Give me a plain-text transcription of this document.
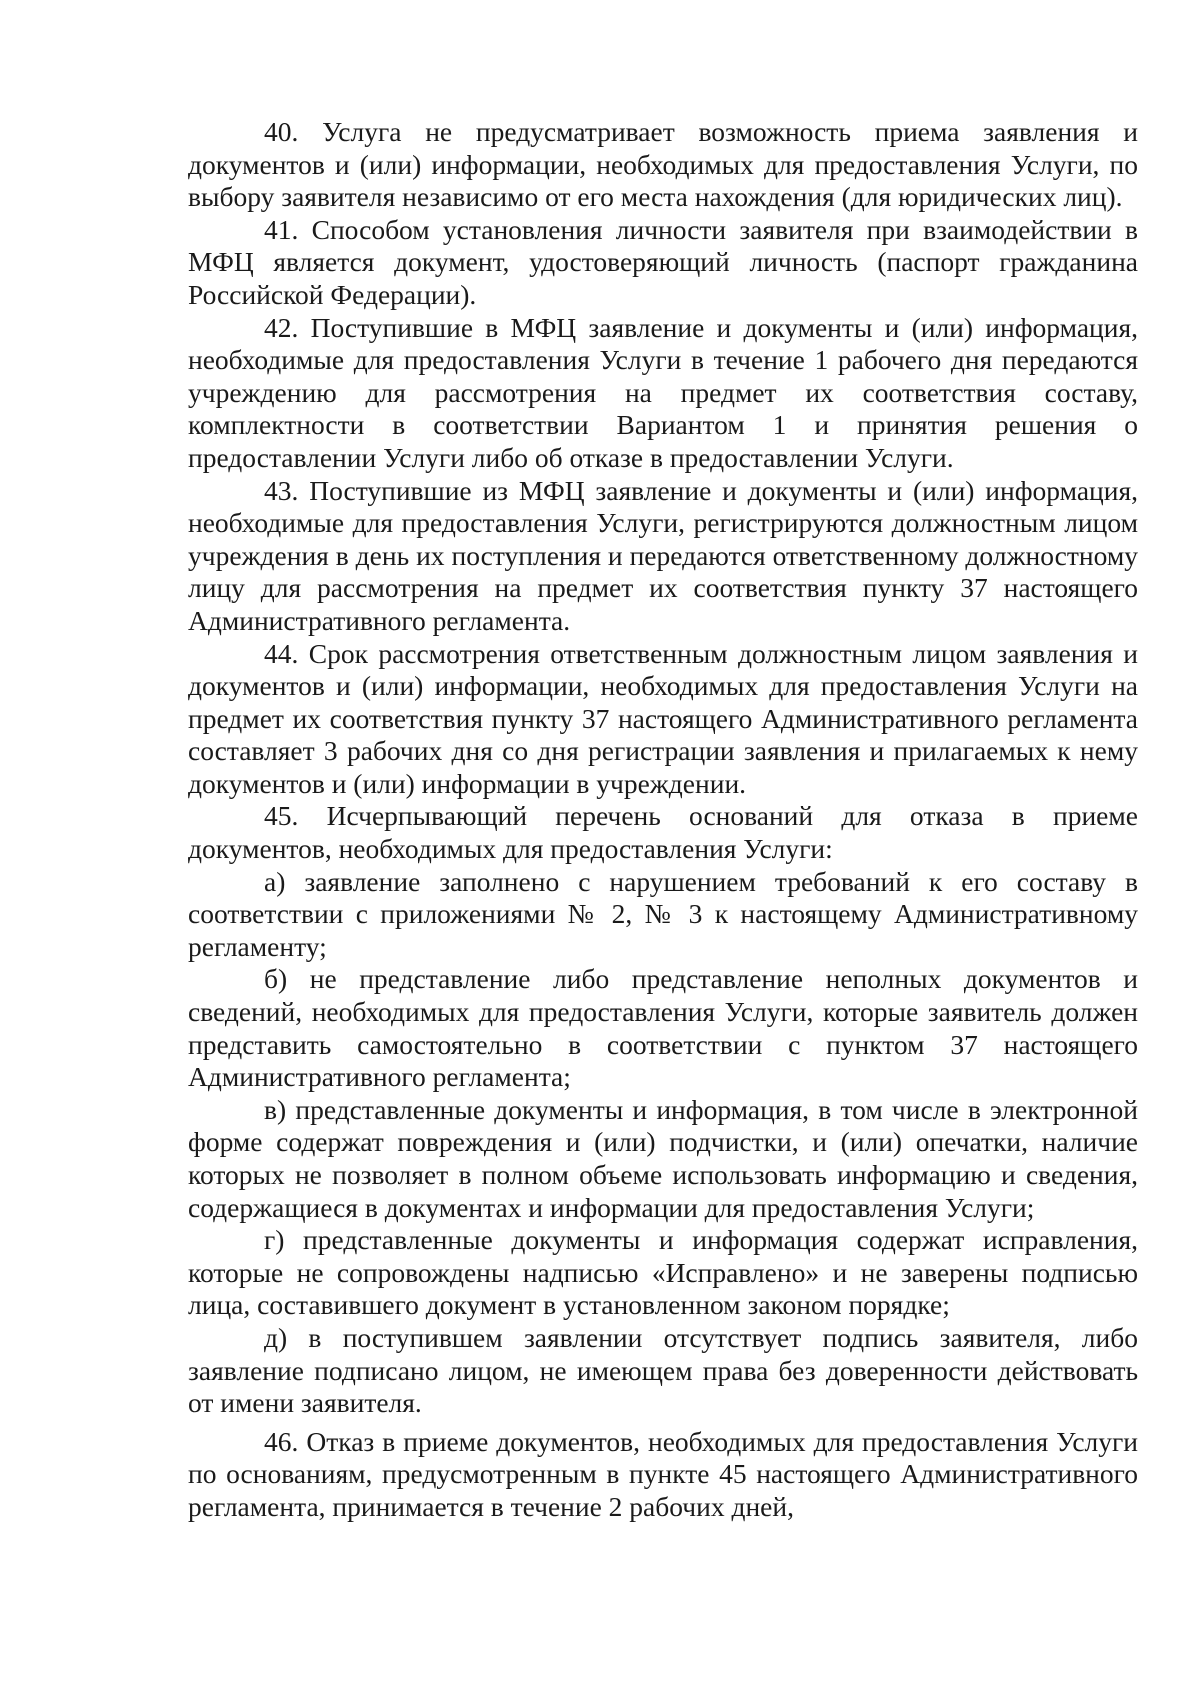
40. Услуга не предусматривает возможность приема заявления и документов и (или) информации, необходимых для предоставления Услуги, по выбору заявителя независимо от его места нахождения (для юридических лиц).

41. Способом установления личности заявителя при взаимодействии в МФЦ является документ, удостоверяющий личность (паспорт гражданина Российской Федерации).

42. Поступившие в МФЦ заявление и документы и (или) информация, необходимые для предоставления Услуги в течение 1 рабочего дня передаются учреждению для рассмотрения на предмет их соответствия составу, комплектности в соответствии Вариантом 1 и принятия решения о предоставлении Услуги либо об отказе в предоставлении Услуги.

43. Поступившие из МФЦ заявление и документы и (или) информация, необходимые для предоставления Услуги, регистрируются должностным лицом учреждения в день их поступления и передаются ответственному должностному лицу для рассмотрения на предмет их соответствия пункту 37 настоящего Административного регламента.

44. Срок рассмотрения ответственным должностным лицом заявления и документов и (или) информации, необходимых для предоставления Услуги на предмет их соответствия пункту 37 настоящего Административного регламента составляет 3 рабочих дня со дня регистрации заявления и прилагаемых к нему документов и (или) информации в учреждении.

45. Исчерпывающий перечень оснований для отказа в приеме документов, необходимых для предоставления Услуги:

а) заявление заполнено с нарушением требований к его составу в соответствии с приложениями № 2, № 3 к настоящему Административному регламенту;

б) не представление либо представление неполных документов и сведений, необходимых для предоставления Услуги, которые заявитель должен представить самостоятельно в соответствии с пунктом 37 настоящего Административного регламента;

в) представленные документы и информация, в том числе в электронной форме содержат повреждения и (или) подчистки, и (или) опечатки, наличие которых не позволяет в полном объеме использовать информацию и сведения, содержащиеся в документах и информации для предоставления Услуги;

г) представленные документы и информация содержат исправления, которые не сопровождены надписью «Исправлено» и не заверены подписью лица, составившего документ в установленном законом порядке;

д) в поступившем заявлении отсутствует подпись заявителя, либо заявление подписано лицом, не имеющем права без доверенности действовать от имени заявителя.

46. Отказ в приеме документов, необходимых для предоставления Услуги по основаниям, предусмотренным в пункте 45 настоящего Административного регламента, принимается в течение 2 рабочих дней,
